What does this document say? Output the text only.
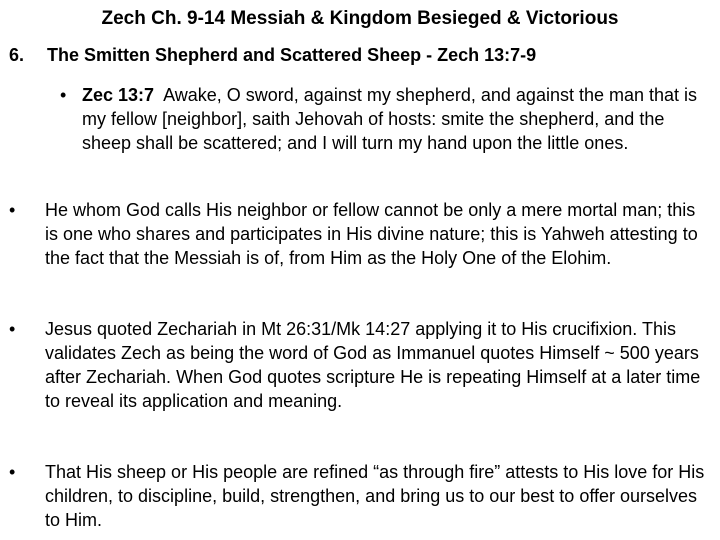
Zech Ch. 9-14 Messiah & Kingdom Besieged & Victorious
6. The Smitten Shepherd and Scattered Sheep - Zech 13:7-9
• Zec 13:7 Awake, O sword, against my shepherd, and against the man that is my fellow [neighbor], saith Jehovah of hosts: smite the shepherd, and the sheep shall be scattered; and I will turn my hand upon the little ones.
•	He whom God calls His neighbor or fellow cannot be only a mere mortal man; this is one who shares and participates in His divine nature; this is Yahweh attesting to the fact that the Messiah is of, from Him as the Holy One of the Elohim.
•	Jesus quoted Zechariah in Mt 26:31/Mk 14:27 applying it to His crucifixion. This validates Zech as being the word of God as Immanuel quotes Himself ~ 500 years after Zechariah. When God quotes scripture He is repeating Himself at a later time to reveal its application and meaning.
•	That His sheep or His people are refined “as through fire” attests to His love for His children, to discipline, build, strengthen, and bring us to our best to offer ourselves to Him.
